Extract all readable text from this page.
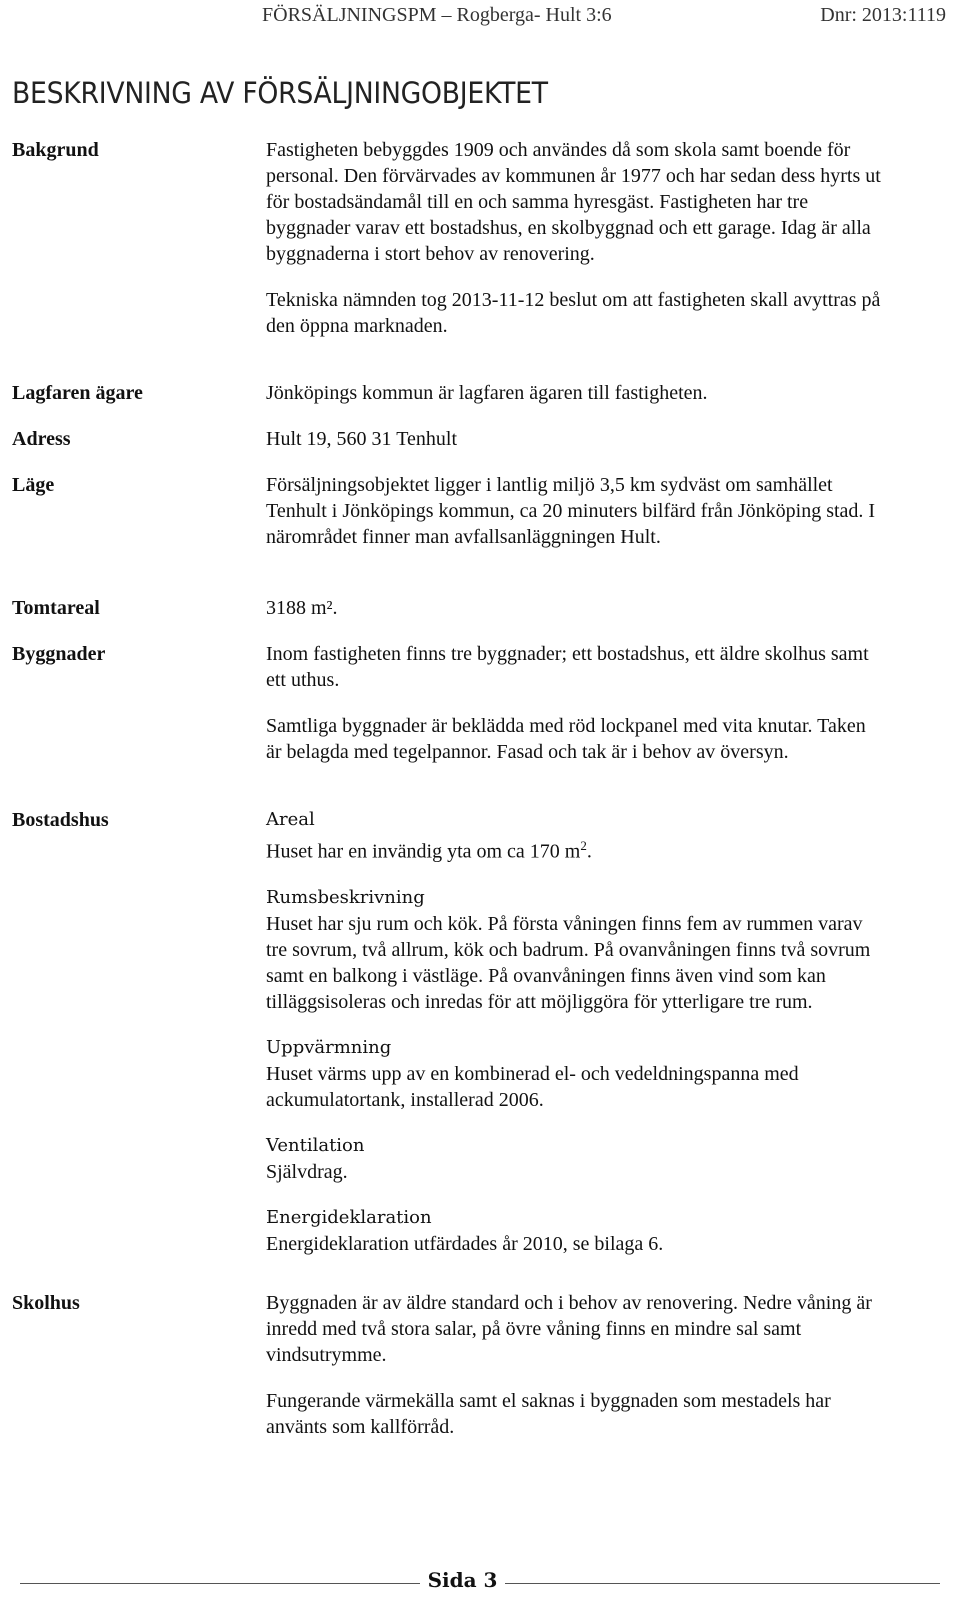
FÖRSÄLJNINGSPM – Rogberga- Hult 3:6	Dnr: 2013:1119
BESKRIVNING AV FÖRSÄLJNINGOBJEKTET
Bakgrund	Fastigheten bebyggdes 1909 och användes då som skola samt boende för personal. Den förvärvades av kommunen år 1977 och har sedan dess hyrts ut för bostadsändamål till en och samma hyresgäst. Fastigheten har tre byggnader varav ett bostadshus, en skolbyggnad och ett garage. Idag är alla byggnaderna i stort behov av renovering.

Tekniska nämnden tog 2013-11-12 beslut om att fastigheten skall avyttras på den öppna marknaden.

Lagfaren ägare	Jönköpings kommun är lagfaren ägaren till fastigheten.

Adress	Hult 19, 560 31 Tenhult

Läge	Försäljningsobjektet ligger i lantlig miljö 3,5 km sydväst om samhället Tenhult i Jönköpings kommun, ca 20 minuters bilfärd från Jönköping stad. I närområdet finner man avfallsanläggningen Hult.

Tomtareal	3188 m².

Byggnader	Inom fastigheten finns tre byggnader; ett bostadshus, ett äldre skolhus samt ett uthus.

Samtliga byggnader är beklädda med röd lockpanel med vita knutar. Taken är belagda med tegelpannor. Fasad och tak är i behov av översyn.

Bostadshus	Areal
Huset har en invändig yta om ca 170 $m^2$.

Rumsbeskrivning
Huset har sju rum och kök. På första våningen finns fem av rummen varav tre sovrum, två allrum, kök och badrum. På ovanvåningen finns två sovrum samt en balkong i västläge. På ovanvåningen finns även vind som kan tilläggsisoleras och inredas för att möjliggöra för ytterligare tre rum.

Uppvärmning
Huset värms upp av en kombinerad el- och vedeldningspanna med ackumulatortank, installerad 2006.

Ventilation
Självdrag.

Energideklaration
Energideklaration utfärdades år 2010, se bilaga 6.

Skolhus	Byggnaden är av äldre standard och i behov av renovering. Nedre våning är inredd med två stora salar, på övre våning finns en mindre sal samt vindsutrymme.

Fungerande värmekälla samt el saknas i byggnaden som mestadels har använts som kallförråd.

Sida 3
